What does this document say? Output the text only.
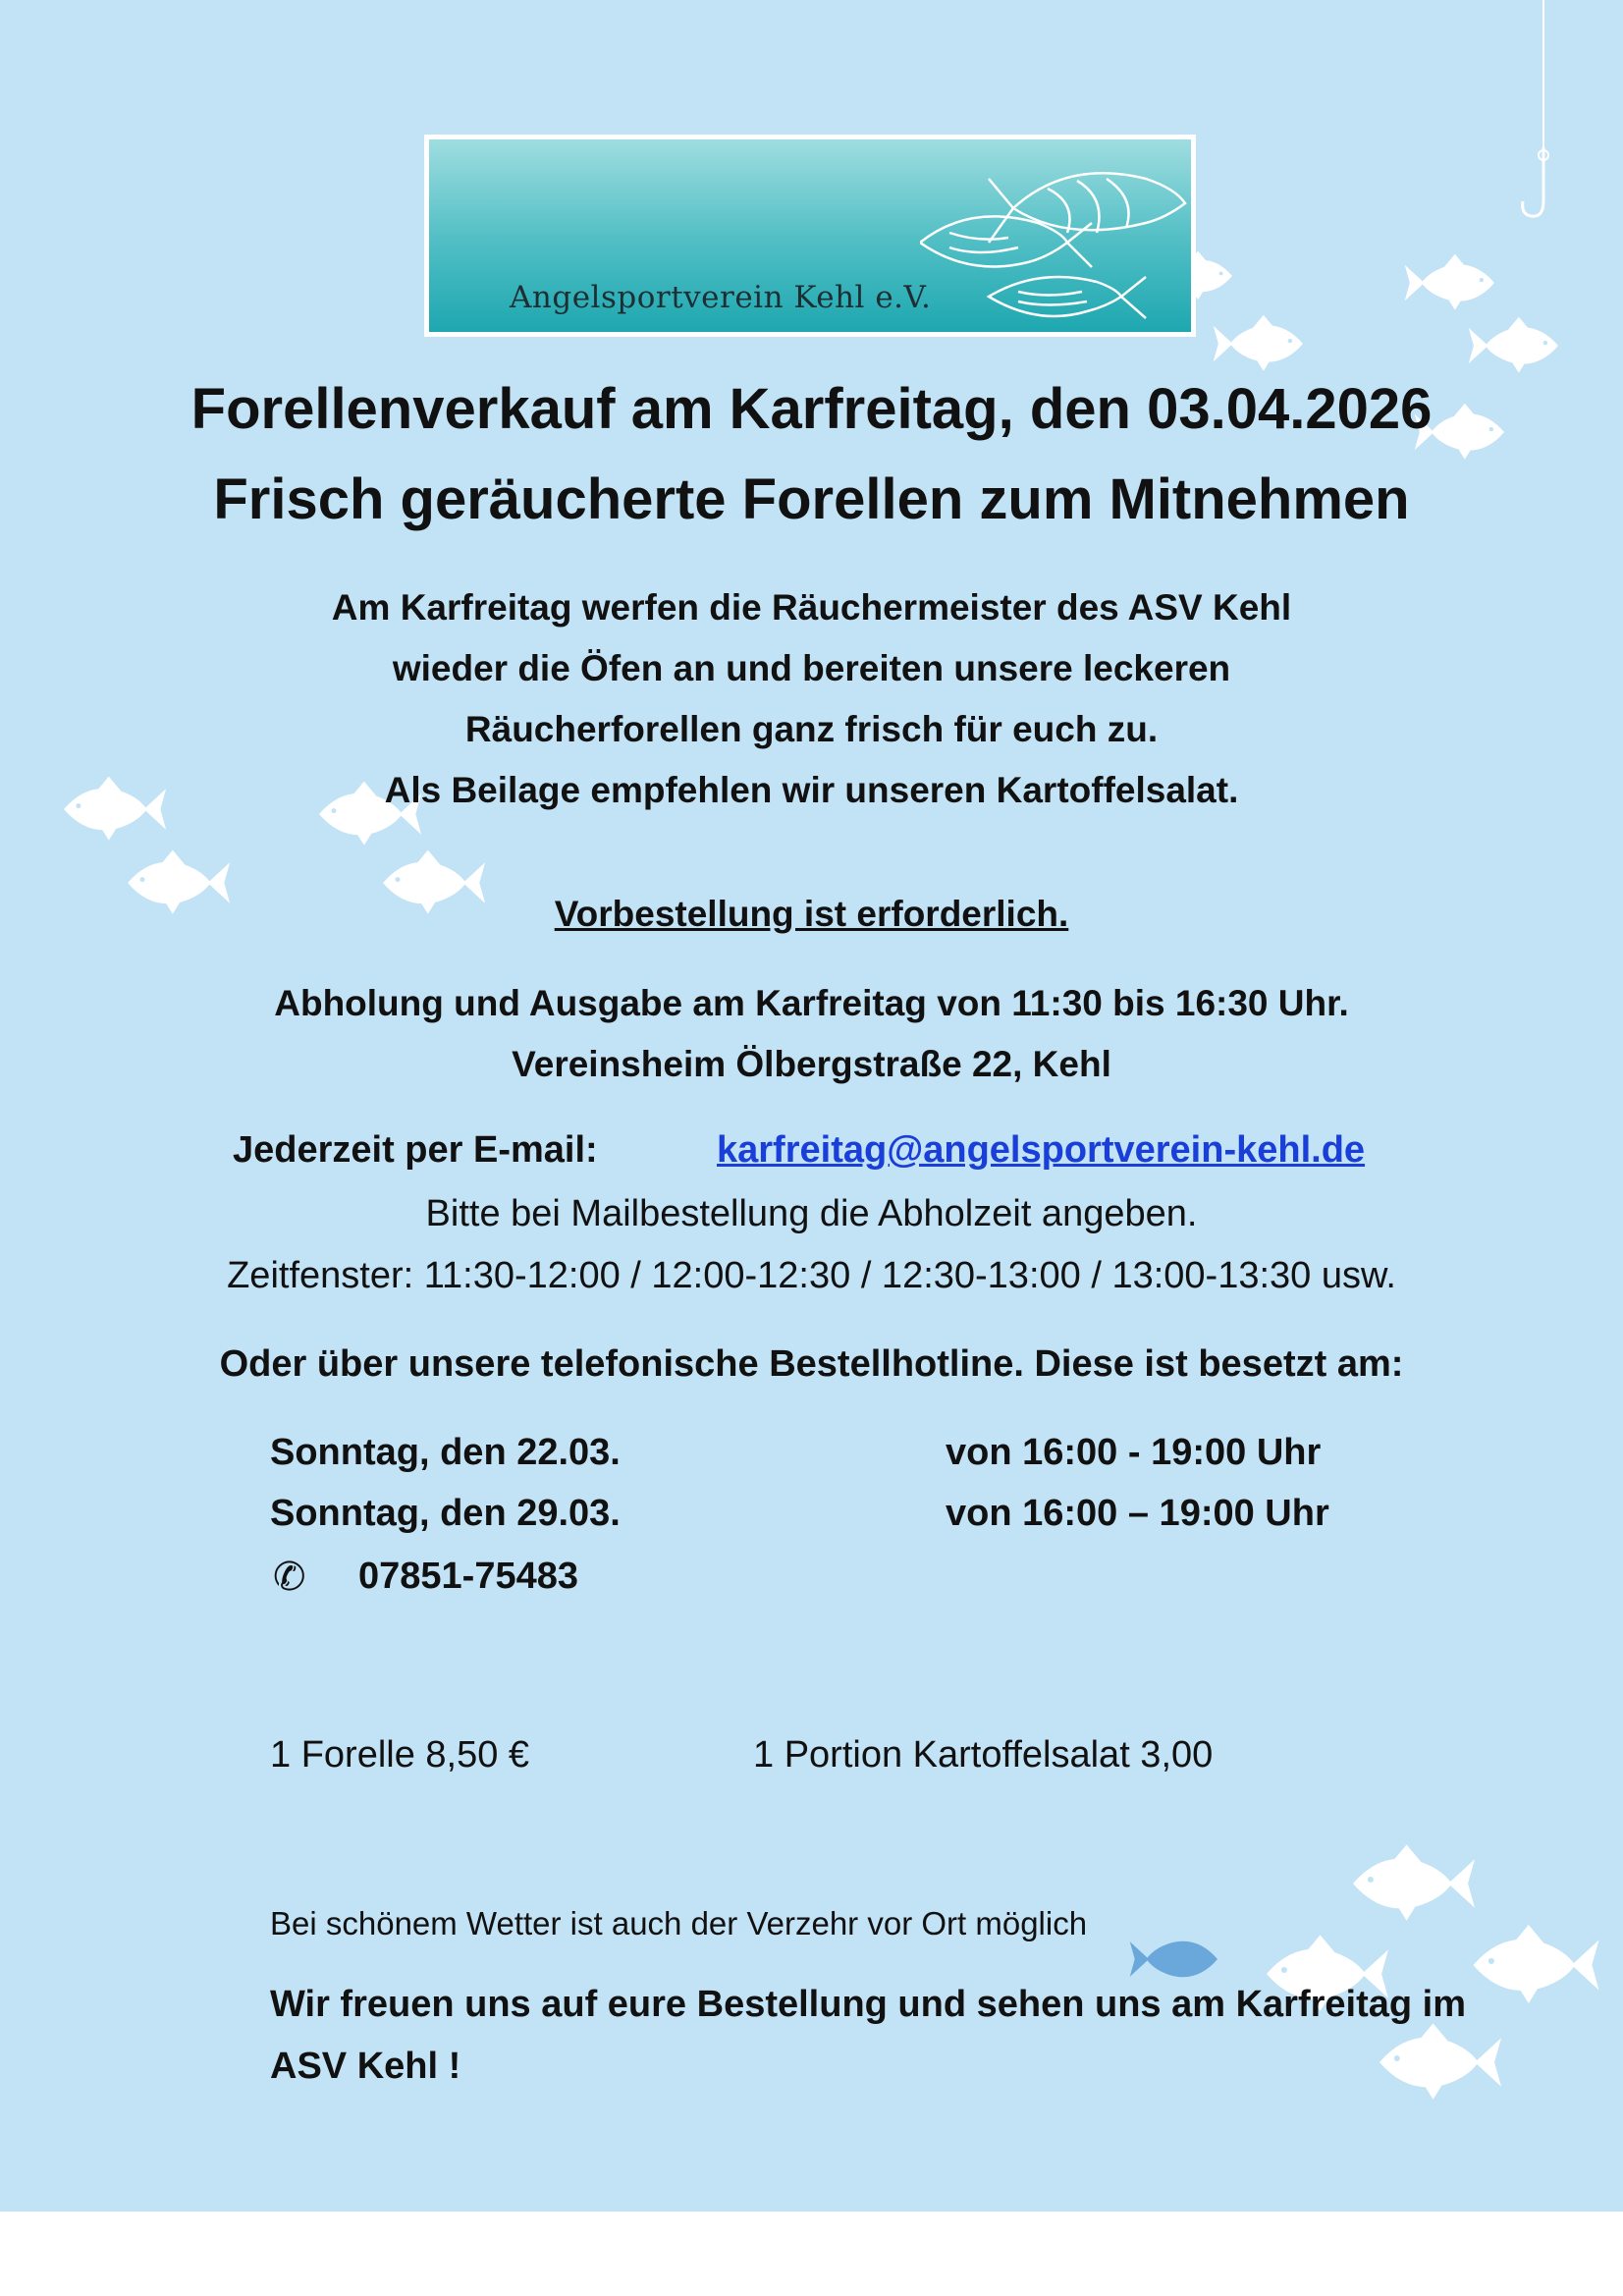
Angelsportverein Kehl e.V.
Forellenverkauf am Karfreitag, den 03.04.2026
Frisch geräucherte Forellen zum Mitnehmen
Am Karfreitag werfen die Räuchermeister des ASV Kehl
wieder die Öfen an und bereiten unsere leckeren
Räucherforellen ganz frisch für euch zu.
Als Beilage empfehlen wir unseren Kartoffelsalat.
Vorbestellung ist erforderlich.
Abholung und Ausgabe am Karfreitag von 11:30 bis 16:30 Uhr.
Vereinsheim Ölbergstraße 22, Kehl
Jederzeit per E-mail:	karfreitag@angelsportverein-kehl.de
Bitte bei Mailbestellung die Abholzeit angeben.
Zeitfenster: 11:30-12:00 / 12:00-12:30 / 12:30-13:00 / 13:00-13:30 usw.
Oder über unsere telefonische Bestellhotline. Diese ist besetzt am:
Sonntag, den 22.03.	von 16:00 - 19:00 Uhr
Sonntag, den 29.03.	von 16:00 – 19:00 Uhr
✆ 07851-75483
1 Forelle 8,50 €	1 Portion Kartoffelsalat 3,00
Bei schönem Wetter ist auch der Verzehr vor Ort möglich
Wir freuen uns auf eure Bestellung und sehen uns am Karfreitag im
ASV Kehl !
